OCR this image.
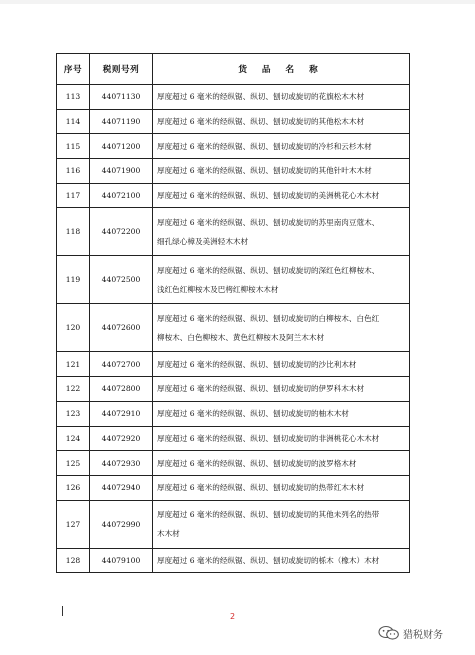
序号	税则号列	货 品 名 称
113	44071130	厚度超过 6 毫米的经纵锯、纵切、刨切或旋切的花旗松木木材

114	44071190	厚度超过 6 毫米的经纵锯、纵切、刨切或旋切的其他松木木材

115	44071200	厚度超过 6 毫米的经纵锯、纵切、刨切或旋切的冷杉和云杉木材

116	44071900	厚度超过 6 毫米的经纵锯、纵切、刨切或旋切的其他针叶木木材

117	44072100	厚度超过 6 毫米的经纵锯、纵切、刨切或旋切的美洲桃花心木木材

118	44072200	厚度超过 6 毫米的经纵锯、纵切、刨切或旋切的苏里南肉豆蔻木、
细孔绿心樟及美洲轻木木材

119	44072500	厚度超过 6 毫米的经纵锯、纵切、刨切或旋切的深红色红柳桉木、
浅红色红柳桉木及巴栲红柳桉木木材

120	44072600	厚度超过 6 毫米的经纵锯、纵切、刨切或旋切的白柳桉木、白色红
柳桉木、白色柳桉木、黄色红柳桉木及阿兰木木材

121	44072700	厚度超过 6 毫米的经纵锯、纵切、刨切或旋切的沙比利木材

122	44072800	厚度超过 6 毫米的经纵锯、纵切、刨切或旋切的伊罗科木木材

123	44072910	厚度超过 6 毫米的经纵锯、纵切、刨切或旋切的柚木木材

124	44072920	厚度超过 6 毫米的经纵锯、纵切、刨切或旋切的非洲桃花心木木材

125	44072930	厚度超过 6 毫米的经纵锯、纵切、刨切或旋切的波罗格木材

126	44072940	厚度超过 6 毫米的经纵锯、纵切、刨切或旋切的热带红木木材

127	44072990	厚度超过 6 毫米的经纵锯、纵切、刨切或旋切的其他未列名的热带
木木材

128	44079100	厚度超过 6 毫米的经纵锯、纵切、刨切或旋切的栎木（橡木）木材
2
猎税财务
